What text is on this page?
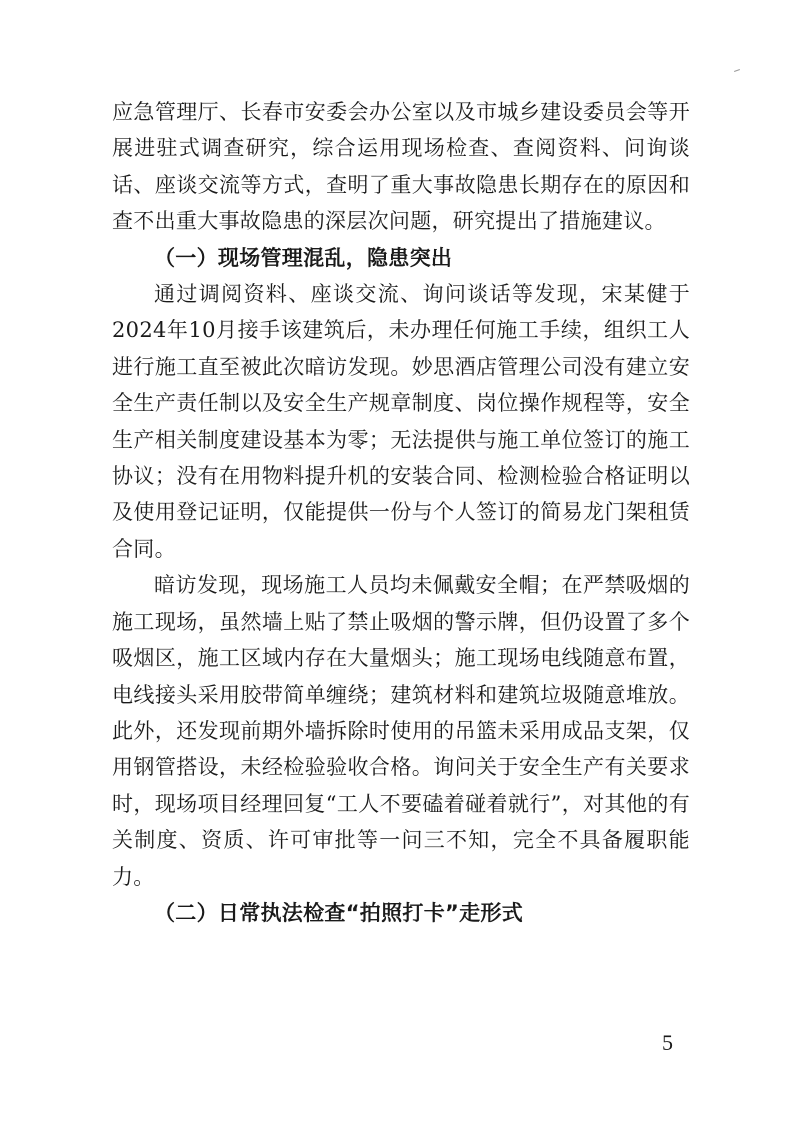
应急管理厅、长春市安委会办公室以及市城乡建设委员会等开展进驻式调查研究，综合运用现场检查、查阅资料、问询谈话、座谈交流等方式，查明了重大事故隐患长期存在的原因和查不出重大事故隐患的深层次问题，研究提出了措施建议。

（一）现场管理混乱，隐患突出

通过调阅资料、座谈交流、询问谈话等发现，宋某健于2024年10月接手该建筑后，未办理任何施工手续，组织工人进行施工直至被此次暗访发现。妙思酒店管理公司没有建立安全生产责任制以及安全生产规章制度、岗位操作规程等，安全生产相关制度建设基本为零；无法提供与施工单位签订的施工协议；没有在用物料提升机的安装合同、检测检验合格证明以及使用登记证明，仅能提供一份与个人签订的简易龙门架租赁合同。

暗访发现，现场施工人员均未佩戴安全帽；在严禁吸烟的施工现场，虽然墙上贴了禁止吸烟的警示牌，但仍设置了多个吸烟区，施工区域内存在大量烟头；施工现场电线随意布置，电线接头采用胶带简单缠绕；建筑材料和建筑垃圾随意堆放。此外，还发现前期外墙拆除时使用的吊篮未采用成品支架，仅用钢管搭设，未经检验验收合格。询问关于安全生产有关要求时，现场项目经理回复“工人不要磕着碰着就行”，对其他的有关制度、资质、许可审批等一问三不知，完全不具备履职能力。

（二）日常执法检查“拍照打卡”走形式

5
